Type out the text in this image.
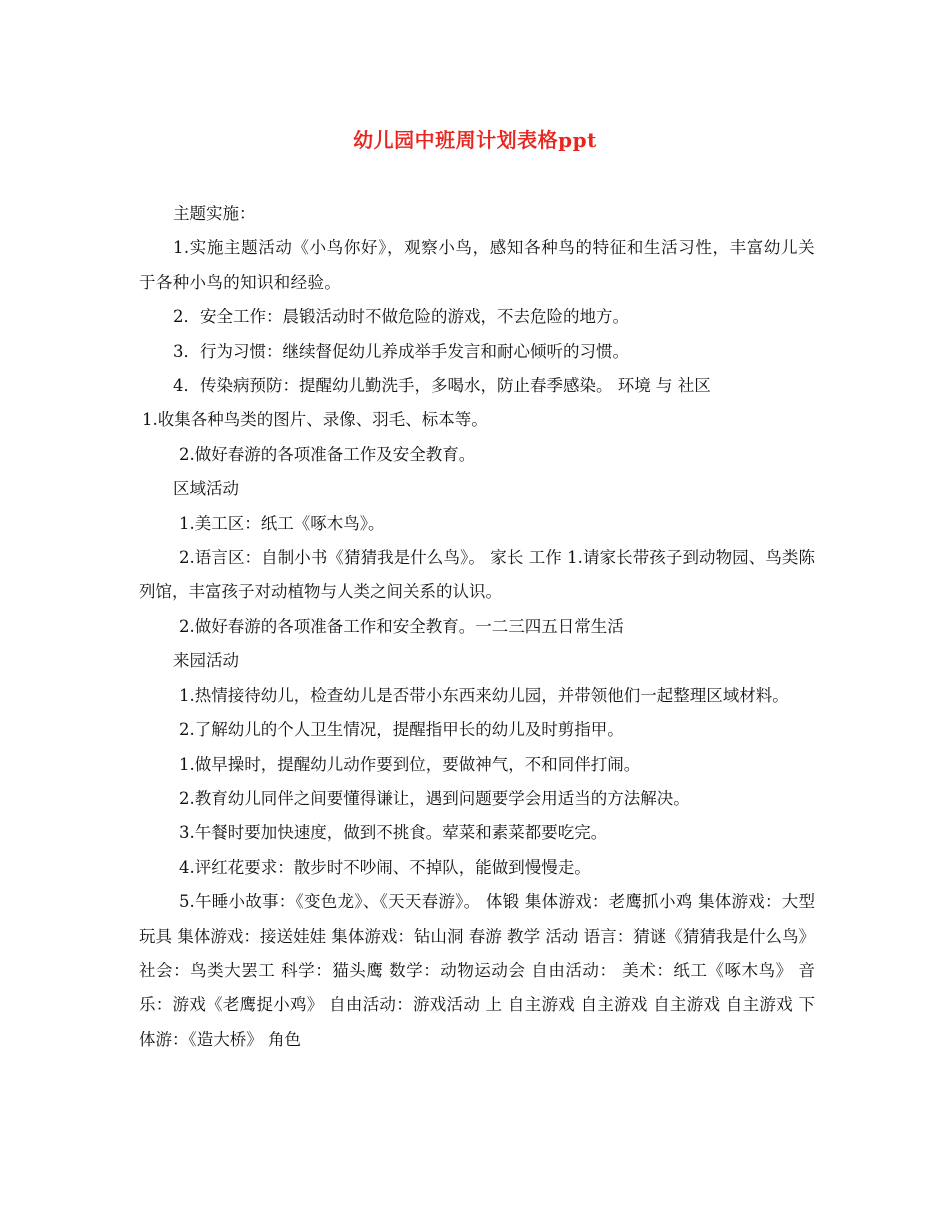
幼儿园中班周计划表格ppt

主题实施：

1.实施主题活动《小鸟你好》，观察小鸟，感知各种鸟的特征和生活习性，丰富幼儿关于各种小鸟的知识和经验。

2．安全工作：晨锻活动时不做危险的游戏，不去危险的地方。

3．行为习惯：继续督促幼儿养成举手发言和耐心倾听的习惯。

4．传染病预防：提醒幼儿勤洗手，多喝水，防止春季感染。 环境 与 社区

1.收集各种鸟类的图片、录像、羽毛、标本等。

2.做好春游的各项准备工作及安全教育。

区域活动

1.美工区：纸工《啄木鸟》。

2.语言区：自制小书《猜猜我是什么鸟》。 家长 工作 1.请家长带孩子到动物园、鸟类陈列馆，丰富孩子对动植物与人类之间关系的认识。

2.做好春游的各项准备工作和安全教育。一二三四五日常生活

来园活动

1.热情接待幼儿，检查幼儿是否带小东西来幼儿园，并带领他们一起整理区域材料。

2.了解幼儿的个人卫生情况，提醒指甲长的幼儿及时剪指甲。

1.做早操时，提醒幼儿动作要到位，要做神气，不和同伴打闹。

2.教育幼儿同伴之间要懂得谦让，遇到问题要学会用适当的方法解决。

3.午餐时要加快速度，做到不挑食。荤菜和素菜都要吃完。

4.评红花要求：散步时不吵闹、不掉队，能做到慢慢走。

5.午睡小故事：《变色龙》、《天天春游》。 体锻 集体游戏：老鹰抓小鸡 集体游戏：大型玩具 集体游戏：接送娃娃 集体游戏：钻山洞 春游 教学 活动 语言：猜谜《猜猜我是什么鸟》 社会：鸟类大罢工 科学：猫头鹰 数学：动物运动会 自由活动： 美术：纸工《啄木鸟》 音乐：游戏《老鹰捉小鸡》 自由活动：游戏活动 上 自主游戏 自主游戏 自主游戏 自主游戏 下 体游：《造大桥》 角色
